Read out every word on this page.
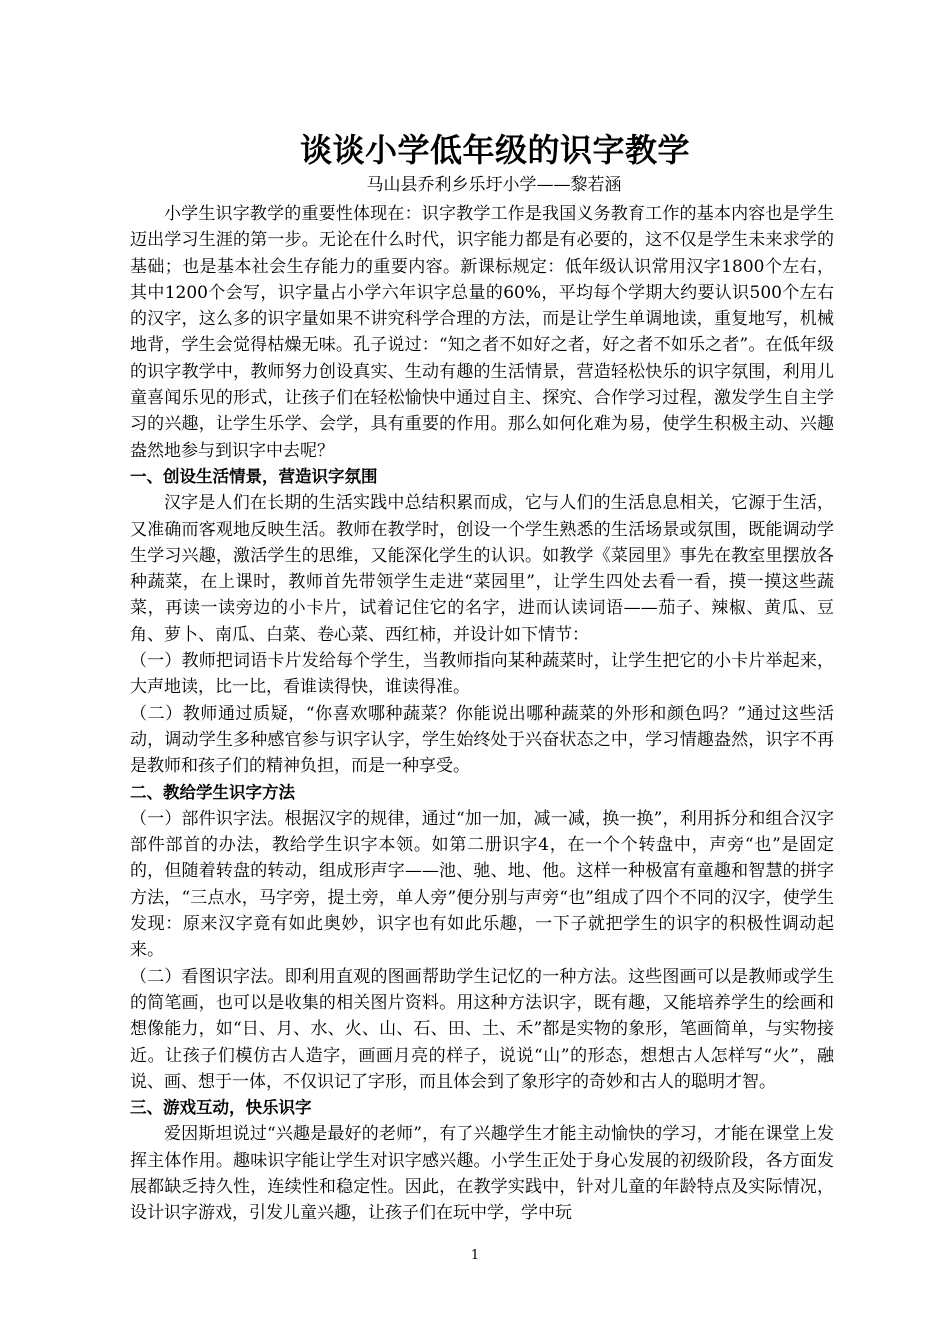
谈谈小学低年级的识字教学
马山县乔利乡乐圩小学——黎若涵

小学生识字教学的重要性体现在：识字教学工作是我国义务教育工作的基本内容也是学生迈出学习生涯的第一步。无论在什么时代，识字能力都是有必要的，这不仅是学生未来求学的基础；也是基本社会生存能力的重要内容。新课标规定：低年级认识常用汉字1800个左右，其中1200个会写，识字量占小学六年识字总量的60%，平均每个学期大约要认识500个左右的汉字，这么多的识字量如果不讲究科学合理的方法，而是让学生单调地读，重复地写，机械地背，学生会觉得枯燥无味。孔子说过：“知之者不如好之者，好之者不如乐之者”。在低年级的识字教学中，教师努力创设真实、生动有趣的生活情景，营造轻松快乐的识字氛围，利用儿童喜闻乐见的形式，让孩子们在轻松愉快中通过自主、探究、合作学习过程，激发学生自主学习的兴趣，让学生乐学、会学，具有重要的作用。那么如何化难为易，使学生积极主动、兴趣盎然地参与到识字中去呢？

一、创设生活情景，营造识字氛围

汉字是人们在长期的生活实践中总结积累而成，它与人们的生活息息相关，它源于生活，又准确而客观地反映生活。教师在教学时，创设一个学生熟悉的生活场景或氛围，既能调动学生学习兴趣，激活学生的思维，又能深化学生的认识。如教学《菜园里》事先在教室里摆放各种蔬菜，在上课时，教师首先带领学生走进“菜园里”，让学生四处去看一看，摸一摸这些蔬菜，再读一读旁边的小卡片，试着记住它的名字，进而认读词语——茄子、辣椒、黄瓜、豆角、萝卜、南瓜、白菜、卷心菜、西红柿，并设计如下情节：

（一）教师把词语卡片发给每个学生，当教师指向某种蔬菜时，让学生把它的小卡片举起来，大声地读，比一比，看谁读得快，谁读得准。

（二）教师通过质疑，“你喜欢哪种蔬菜？你能说出哪种蔬菜的外形和颜色吗？”通过这些活动，调动学生多种感官参与识字认字，学生始终处于兴奋状态之中，学习情趣盎然，识字不再是教师和孩子们的精神负担，而是一种享受。

二、教给学生识字方法

（一）部件识字法。根据汉字的规律，通过“加一加，减一减，换一换”，利用拆分和组合汉字部件部首的办法，教给学生识字本领。如第二册识字4，在一个个转盘中，声旁“也”是固定的，但随着转盘的转动，组成形声字——池、驰、地、他。这样一种极富有童趣和智慧的拼字方法，“三点水，马字旁，提土旁，单人旁”便分别与声旁“也”组成了四个不同的汉字，使学生发现：原来汉字竟有如此奥妙，识字也有如此乐趣，一下子就把学生的识字的积极性调动起来。

（二）看图识字法。即利用直观的图画帮助学生记忆的一种方法。这些图画可以是教师或学生的简笔画，也可以是收集的相关图片资料。用这种方法识字，既有趣，又能培养学生的绘画和想像能力，如“日、月、水、火、山、石、田、土、禾”都是实物的象形，笔画简单，与实物接近。让孩子们模仿古人造字，画画月亮的样子，说说“山”的形态，想想古人怎样写“火”，融说、画、想于一体，不仅识记了字形，而且体会到了象形字的奇妙和古人的聪明才智。

三、游戏互动，快乐识字

爱因斯坦说过“兴趣是最好的老师”，有了兴趣学生才能主动愉快的学习，才能在课堂上发挥主体作用。趣味识字能让学生对识字感兴趣。小学生正处于身心发展的初级阶段，各方面发展都缺乏持久性，连续性和稳定性。因此，在教学实践中，针对儿童的年龄特点及实际情况，设计识字游戏，引发儿童兴趣，让孩子们在玩中学，学中玩

1
